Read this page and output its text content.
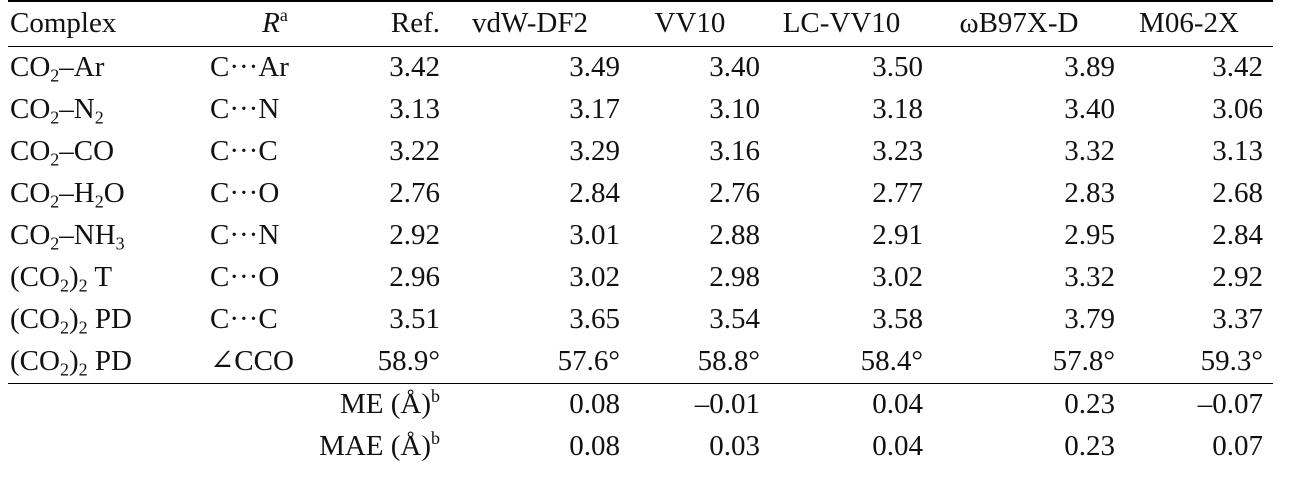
Complex	$R^a$	Ref.	vdW-DF2	VV10	LC-VV10	ωB97X-D	M06-2X
$CO_2-Ar$	C···Ar	3.42	3.49	3.40	3.50	3.89	3.42
$CO_2-N_2$	C···N	3.13	3.17	3.10	3.18	3.40	3.06
$CO_2-CO$	C···C	3.22	3.29	3.16	3.23	3.32	3.13
$CO_2-H_2O$	C···O	2.76	2.84	2.76	2.77	2.83	2.68
$CO_2-NH_3$	C···N	2.92	3.01	2.88	2.91	2.95	2.84
$(CO_2)_2$ T	C···O	2.96	3.02	2.98	3.02	3.32	2.92
$(CO_2)_2$ PD	C···C	3.51	3.65	3.54	3.58	3.79	3.37
$(CO_2)_2$ PD	∠CCO	58.9°	57.6°	58.8°	58.4°	57.8°	59.3°
ME (Å)$^b$			0.08	–0.01	0.04	0.23	–0.07
MAE (Å)$^b$			0.08	0.03	0.04	0.23	0.07
